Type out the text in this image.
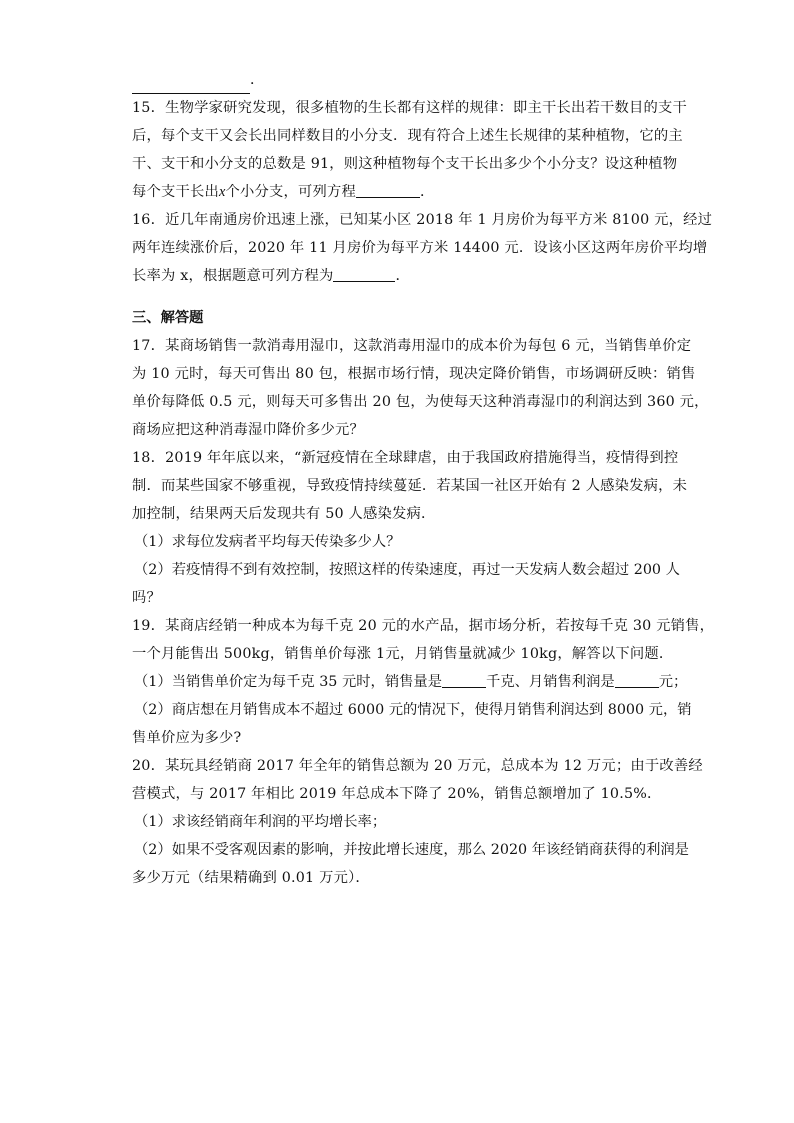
．
15．生物学家研究发现，很多植物的生长都有这样的规律：即主干长出若干数目的支干
后，每个支干又会长出同样数目的小分支．现有符合上述生长规律的某种植物，它的主
干、支干和小分支的总数是 91，则这种植物每个支干长出多少个小分支？设这种植物
每个支干长出x个小分支，可列方程	．
16．近几年南通房价迅速上涨，已知某小区 2018 年 1 月房价为每平方米 8100 元，经过
两年连续涨价后，2020 年 11 月房价为每平方米 14400 元．设该小区这两年房价平均增
长率为 x，根据题意可列方程为	．
三、解答题
17．某商场销售一款消毒用湿巾，这款消毒用湿巾的成本价为每包 6 元，当销售单价定
为 10 元时，每天可售出 80 包，根据市场行情，现决定降价销售，市场调研反映：销售
单价每降低 0.5 元，则每天可多售出 20 包，为使每天这种消毒湿巾的利润达到 360 元，
商场应把这种消毒湿巾降价多少元？
18．2019 年年底以来，“新冠疫情在全球肆虐，由于我国政府措施得当，疫情得到控
制．而某些国家不够重视，导致疫情持续蔓延．若某国一社区开始有 2 人感染发病，未
加控制，结果两天后发现共有 50 人感染发病．
（1）求每位发病者平均每天传染多少人？
（2）若疫情得不到有效控制，按照这样的传染速度，再过一天发病人数会超过 200 人
吗？
19．某商店经销一种成本为每千克 20 元的水产品，据市场分析，若按每千克 30 元销售，
一个月能售出 500kg，销售单价每涨 1元，月销售量就减少 10kg，解答以下问题．
（1）当销售单价定为每千克 35 元时，销售量是	千克、月销售利润是	元；
（2）商店想在月销售成本不超过 6000 元的情况下，使得月销售利润达到 8000 元，销
售单价应为多少?
20．某玩具经销商 2017 年全年的销售总额为 20 万元，总成本为 12 万元；由于改善经
营模式，与 2017 年相比 2019 年总成本下降了 20%，销售总额增加了 10.5%．
（1）求该经销商年利润的平均增长率；
（2）如果不受客观因素的影响，并按此增长速度，那么 2020 年该经销商获得的利润是
多少万元（结果精确到 0.01 万元）．
